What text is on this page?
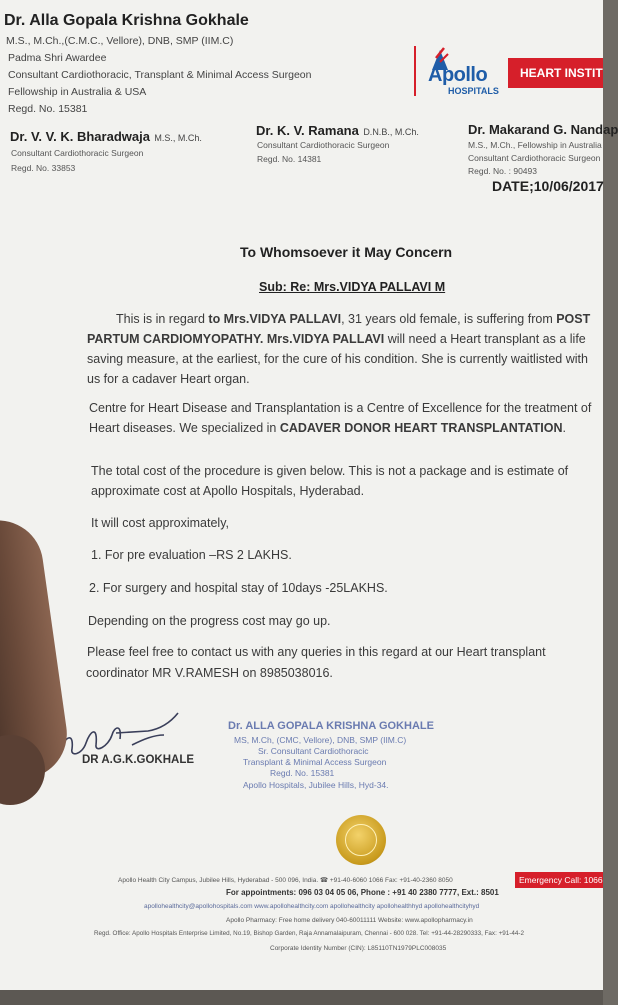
Dr. Alla Gopala Krishna Gokhale
M.S., M.Ch.,(C.M.C., Vellore), DNB, SMP (IIM.C)
Padma Shri Awardee
Consultant Cardiothoracic, Transplant & Minimal Access Surgeon
Fellowship in Australia & USA
Regd. No. 15381
Apollo
HOSPITALS
HEART INSTIT
Dr. V. V. K. Bharadwaja M.S., M.Ch.
Consultant Cardiothoracic Surgeon
Regd. No. 33853
Dr. K. V. Ramana D.N.B., M.Ch.
Consultant Cardiothoracic Surgeon
Regd. No. 14381
Dr. Makarand G. Nandap
M.S., M.Ch., Fellowship in Australia
Consultant Cardiothoracic Surgeon
Regd. No. : 90493
DATE;10/06/2017
To Whomsoever it May Concern
Sub: Re: Mrs.VIDYA PALLAVI M
This is in regard to Mrs.VIDYA PALLAVI, 31 years old female, is suffering from POST
PARTUM CARDIOMYOPATHY. Mrs.VIDYA PALLAVI will need a Heart transplant as a life
saving measure, at the earliest, for the cure of his condition. She is currently waitlisted with
us for a cadaver Heart organ.
Centre for Heart Disease and Transplantation is a Centre of Excellence for the treatment of
Heart diseases. We specialized in CADAVER DONOR HEART TRANSPLANTATION.
The total cost of the procedure is given below. This is not a package and is estimate of
approximate cost at Apollo Hospitals, Hyderabad.
It will cost approximately,
1. For pre evaluation –RS 2 LAKHS.
2. For surgery and hospital stay of 10days -25LAKHS.
Depending on the progress cost may go up.
Please feel free to contact us with any queries in this regard at our Heart transplant
coordinator MR V.RAMESH on 8985038016.
DR A.G.K.GOKHALE
Dr. ALLA GOPALA KRISHNA GOKHALE
MS, M.Ch, (CMC, Vellore), DNB, SMP (IIM.C)
Sr. Consultant Cardiothoracic
Transplant & Minimal Access Surgeon
Regd. No. 15381
Apollo Hospitals, Jubilee Hills, Hyd-34.
Apollo Health City Campus, Jubilee Hills, Hyderabad - 500 096, India. ☎ +91-40-6060 1066 Fax: +91-40-2360 8050	Emergency Call: 1066
For appointments: 096 03 04 05 06, Phone : +91 40 2380 7777, Ext.: 8501
apollohealthcity@apollohospitals.com www.apollohealthcity.com apollohealthcity apollohealthhyd apollohealthcityhyd
Apollo Pharmacy: Free home delivery 040-60011111 Website: www.apollopharmacy.in
Regd. Office: Apollo Hospitals Enterprise Limited, No.19, Bishop Garden, Raja Annamalaipuram, Chennai - 600 028. Tel: +91-44-28290333, Fax: +91-44-2
Corporate Identity Number (CIN): L85110TN1979PLC008035
